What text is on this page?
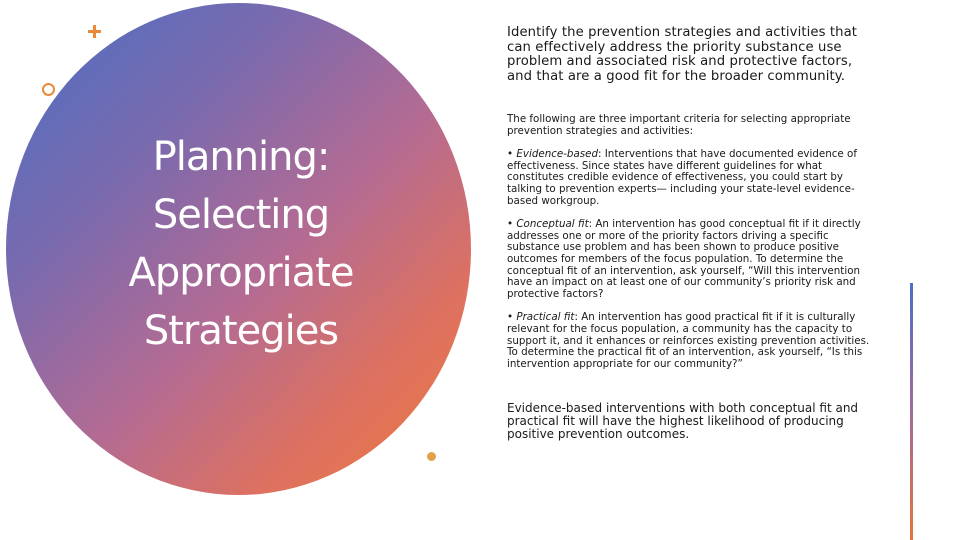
Planning:
Selecting
Appropriate
Strategies

Identify the prevention strategies and activities that can effectively address the priority substance use problem and associated risk and protective factors, and that are a good fit for the broader community.

The following are three important criteria for selecting appropriate prevention strategies and activities:

• Evidence-based: Interventions that have documented evidence of effectiveness. Since states have different guidelines for what constitutes credible evidence of effectiveness, you could start by talking to prevention experts— including your state-level evidence-based workgroup.

• Conceptual fit: An intervention has good conceptual fit if it directly addresses one or more of the priority factors driving a specific substance use problem and has been shown to produce positive outcomes for members of the focus population. To determine the conceptual fit of an intervention, ask yourself, “Will this intervention have an impact on at least one of our community’s priority risk and protective factors?

• Practical fit: An intervention has good practical fit if it is culturally relevant for the focus population, a community has the capacity to support it, and it enhances or reinforces existing prevention activities. To determine the practical fit of an intervention, ask yourself, “Is this intervention appropriate for our community?”

Evidence-based interventions with both conceptual fit and practical fit will have the highest likelihood of producing positive prevention outcomes.
